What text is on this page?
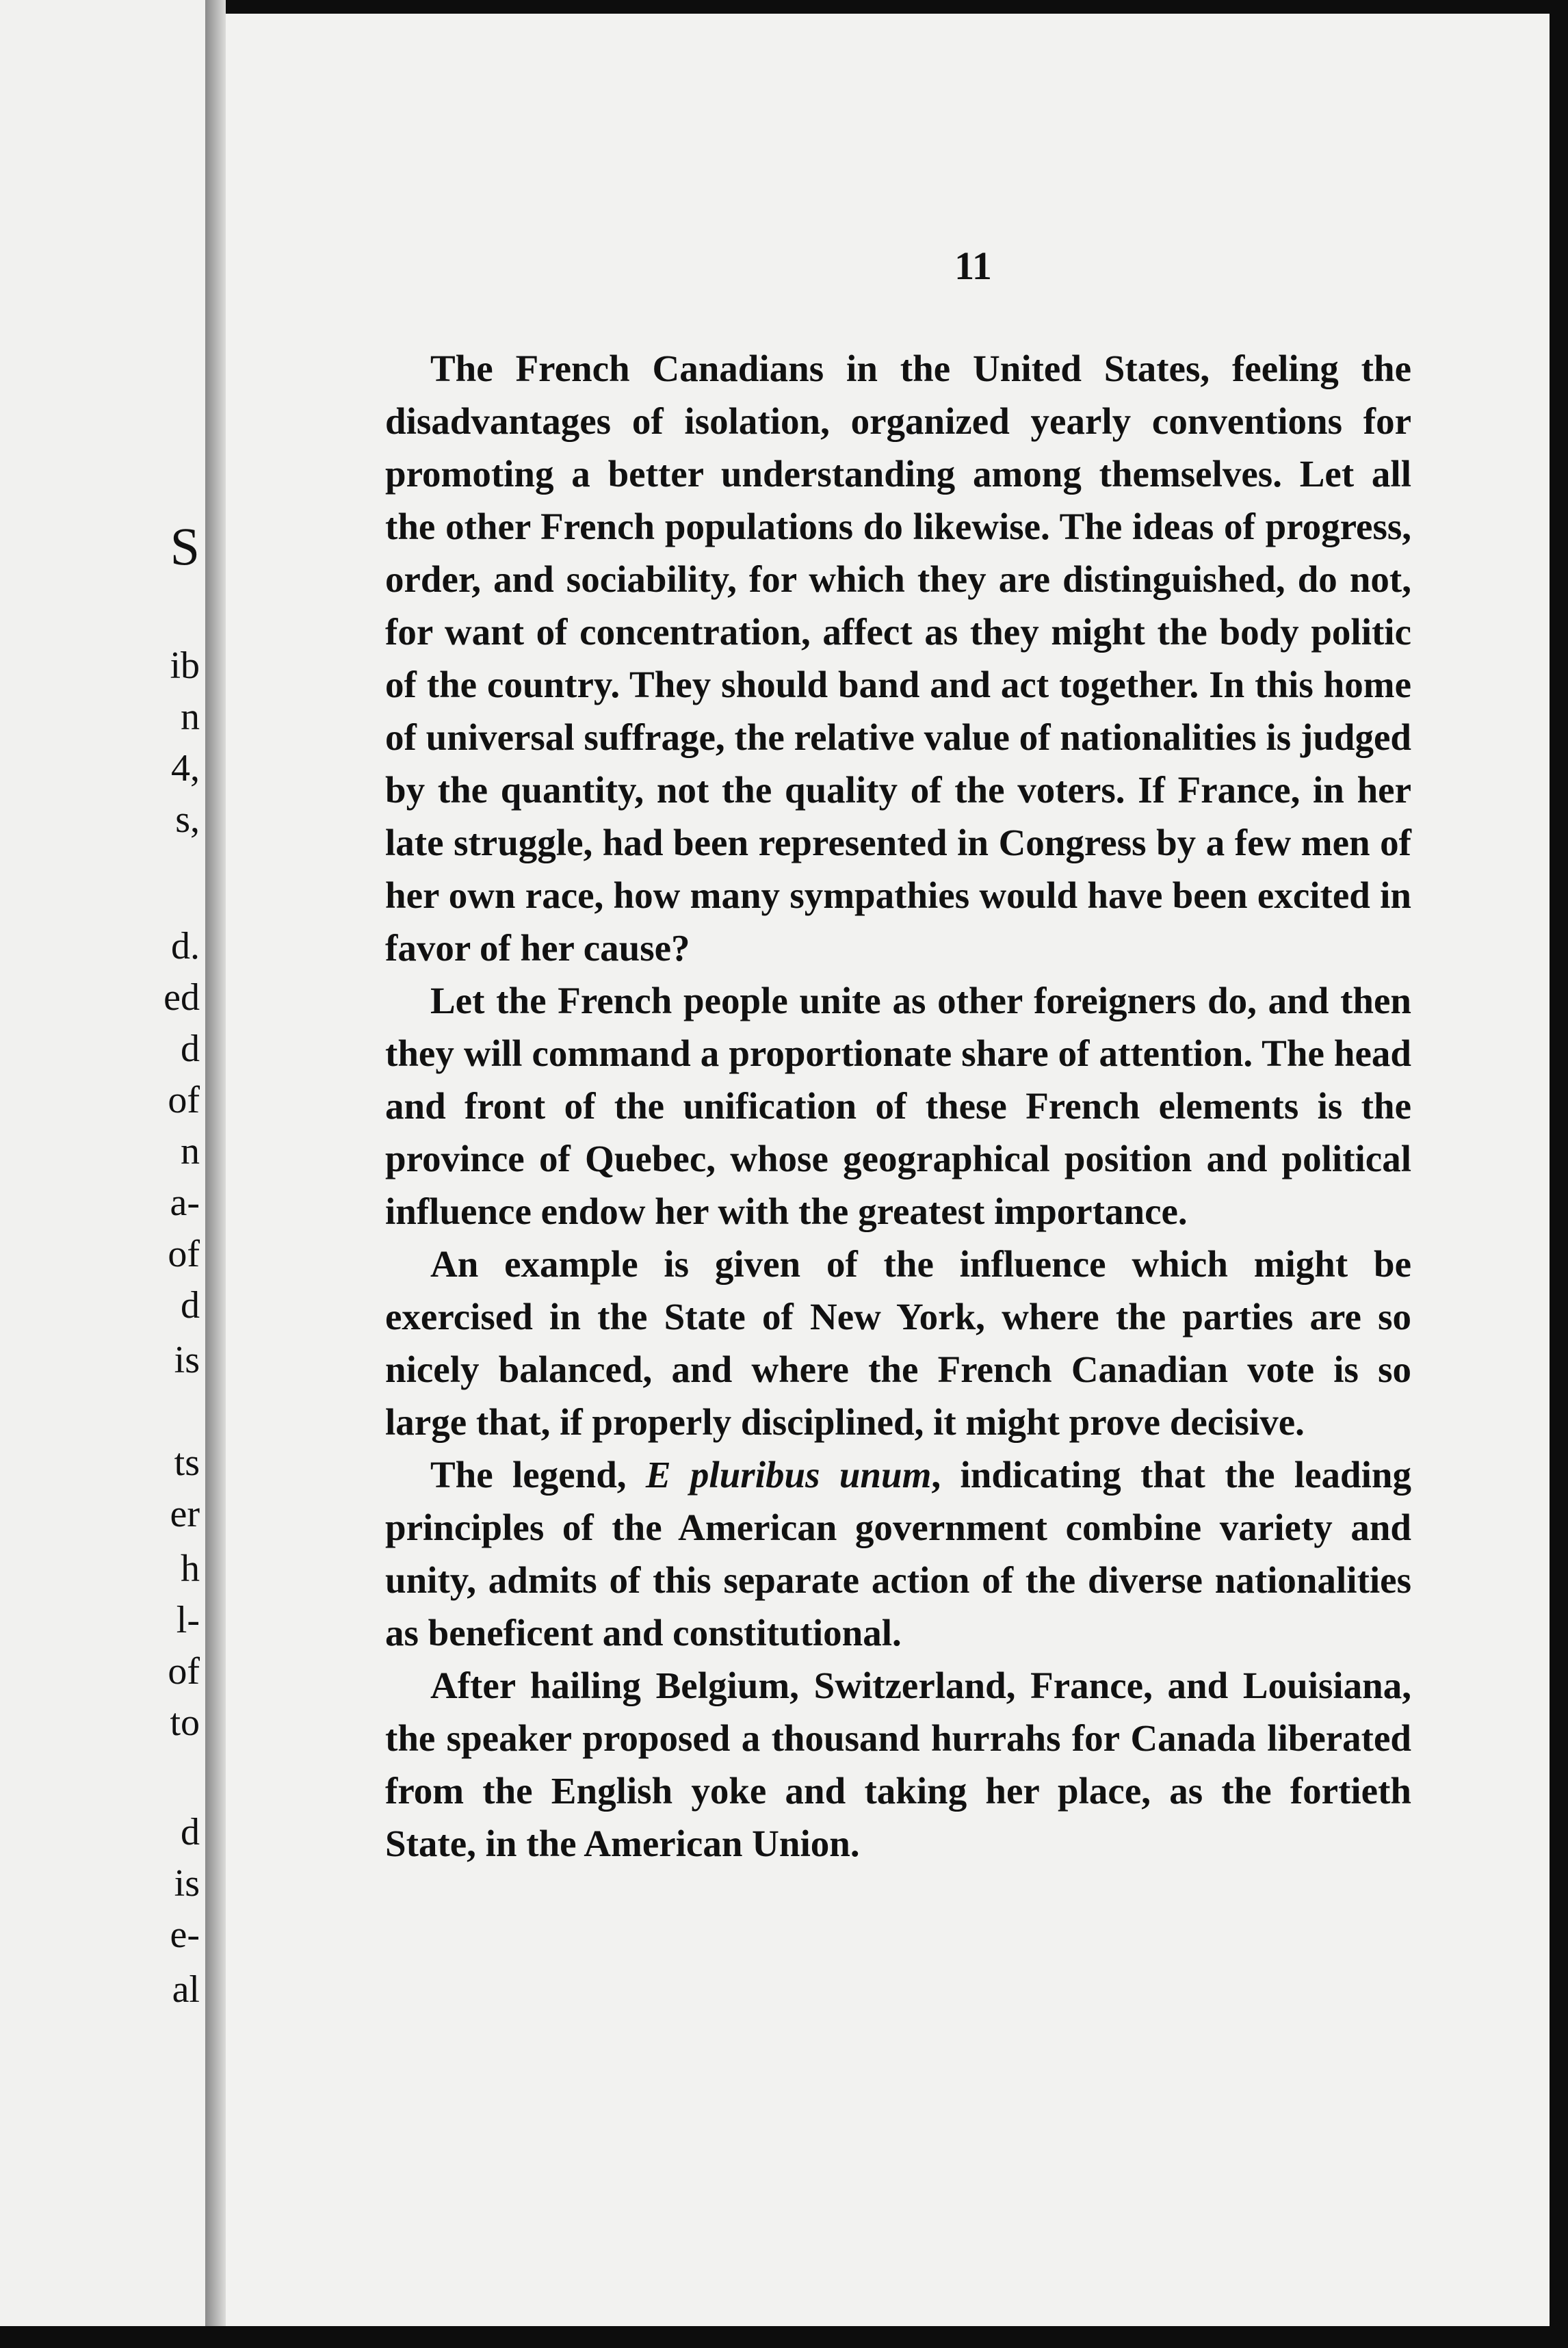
S
ib
n
4,
s,
d.
ed
d
of
n
a-
of
d
is
ts
er
h
l-
of
to
d
is
e-
al
11

The French Canadians in the United States, feeling the disadvantages of isolation, organized yearly conventions for promoting a better understanding among themselves. Let all the other French populations do likewise. The ideas of progress, order, and sociability, for which they are distinguished, do not, for want of concentration, affect as they might the body politic of the country. They should band and act together. In this home of universal suffrage, the relative value of nationalities is judged by the quantity, not the quality of the voters. If France, in her late struggle, had been represented in Congress by a few men of her own race, how many sympathies would have been excited in favor of her cause?

Let the French people unite as other foreigners do, and then they will command a proportionate share of attention. The head and front of the unification of these French elements is the province of Quebec, whose geographical position and political influence endow her with the greatest importance.

An example is given of the influence which might be exercised in the State of New York, where the parties are so nicely balanced, and where the French Canadian vote is so large that, if properly disciplined, it might prove decisive.

The legend, E pluribus unum, indicating that the leading principles of the American government combine variety and unity, admits of this separate action of the diverse nationalities as beneficent and constitutional.

After hailing Belgium, Switzerland, France, and Louisiana, the speaker proposed a thousand hurrahs for Canada liberated from the English yoke and taking her place, as the fortieth State, in the American Union.
